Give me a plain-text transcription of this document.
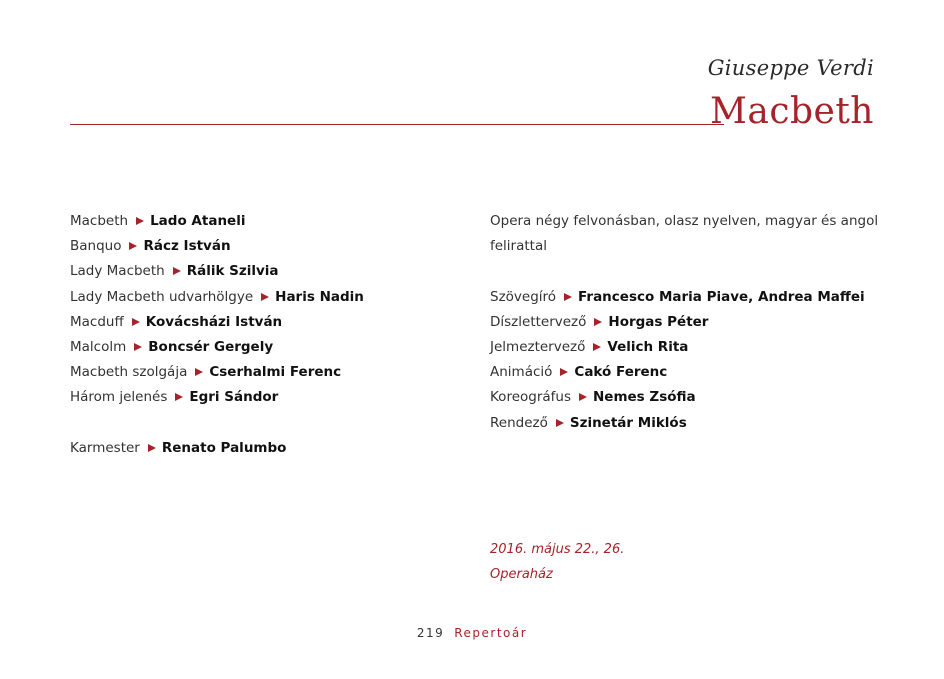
Giuseppe Verdi
Macbeth
Macbeth Lado Ataneli
Banquo Rácz István
Lady Macbeth Rálik Szilvia
Lady Macbeth udvarhölgye Haris Nadin
Macduff Kovácsházi István
Malcolm Boncsér Gergely
Macbeth szolgája Cserhalmi Ferenc
Három jelenés Egri Sándor
Karmester Renato Palumbo
Opera négy felvonásban, olasz nyelven, magyar és angol felirattal
Szövegíró Francesco Maria Piave, Andrea Maffei
Díszlettervező Horgas Péter
Jelmeztervező Velich Rita
Animáció Cakó Ferenc
Koreográfus Nemes Zsófia
Rendező Szinetár Miklós
2016. május 22., 26.
Operaház
219 Repertoár
